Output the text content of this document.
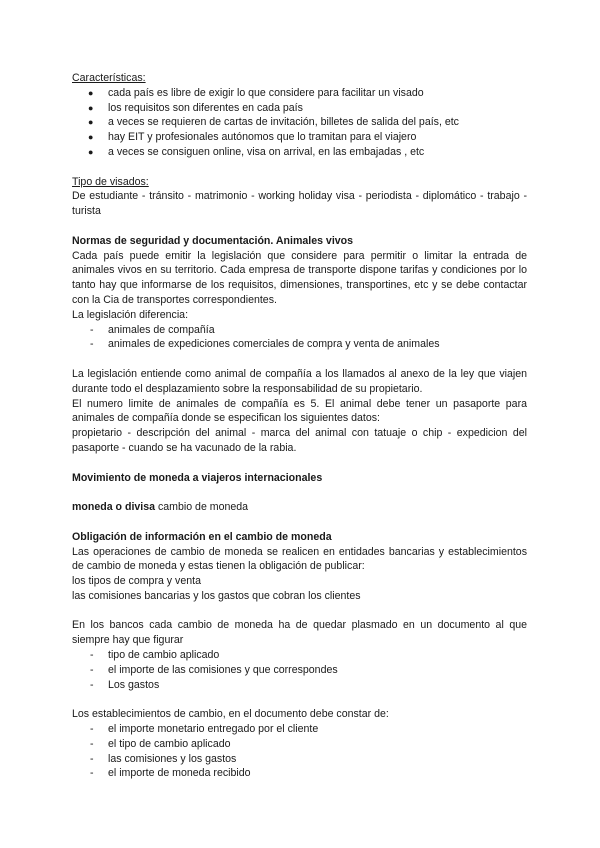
Características:

● cada país es libre de exigir lo que considere para facilitar un visado
● los requisitos son diferentes en cada país
● a veces se requieren de cartas de invitación, billetes de salida del país, etc
● hay EIT y profesionales autónomos que lo tramitan para el viajero
● a veces se consiguen online, visa on arrival, en las embajadas , etc

Tipo de visados:

De estudiante - tránsito - matrimonio - working holiday visa - periodista - diplomático - trabajo - turista

Normas de seguridad y documentación. Animales vivos

Cada país puede emitir la legislación que considere para permitir o limitar la entrada de animales vivos en su territorio. Cada empresa de transporte dispone tarifas y condiciones por lo tanto hay que informarse de los requisitos, dimensiones, transportines, etc y se debe contactar con la Cia de transportes correspondientes.

La legislación diferencia:

- animales de compañía
- animales de expediciones comerciales de compra y venta de animales

La legislación entiende como animal de compañía a los llamados al anexo de la ley que viajen durante todo el desplazamiento sobre la responsabilidad de su propietario.

El numero limite de animales de compañía es 5. El animal debe tener un pasaporte para animales de compañía donde se especifican los siguientes datos:

propietario - descripción del animal - marca del animal con tatuaje o chip - expedicion del pasaporte - cuando se ha vacunado de la rabia.

Movimiento de moneda a viajeros internacionales

moneda o divisa cambio de moneda

Obligación de información en el cambio de moneda

Las operaciones de cambio de moneda se realicen en entidades bancarias y establecimientos de cambio de moneda y estas tienen la obligación de publicar:

los tipos de compra y venta

las comisiones bancarias y los gastos que cobran los clientes

En los bancos cada cambio de moneda ha de quedar plasmado en un documento al que siempre hay que figurar

- tipo de cambio aplicado
- el importe de las comisiones y que correspondes
- Los gastos

Los establecimientos de cambio, en el documento debe constar de:

- el importe monetario entregado por el cliente
- el tipo de cambio aplicado
- las comisiones y los gastos
- el importe de moneda recibido
